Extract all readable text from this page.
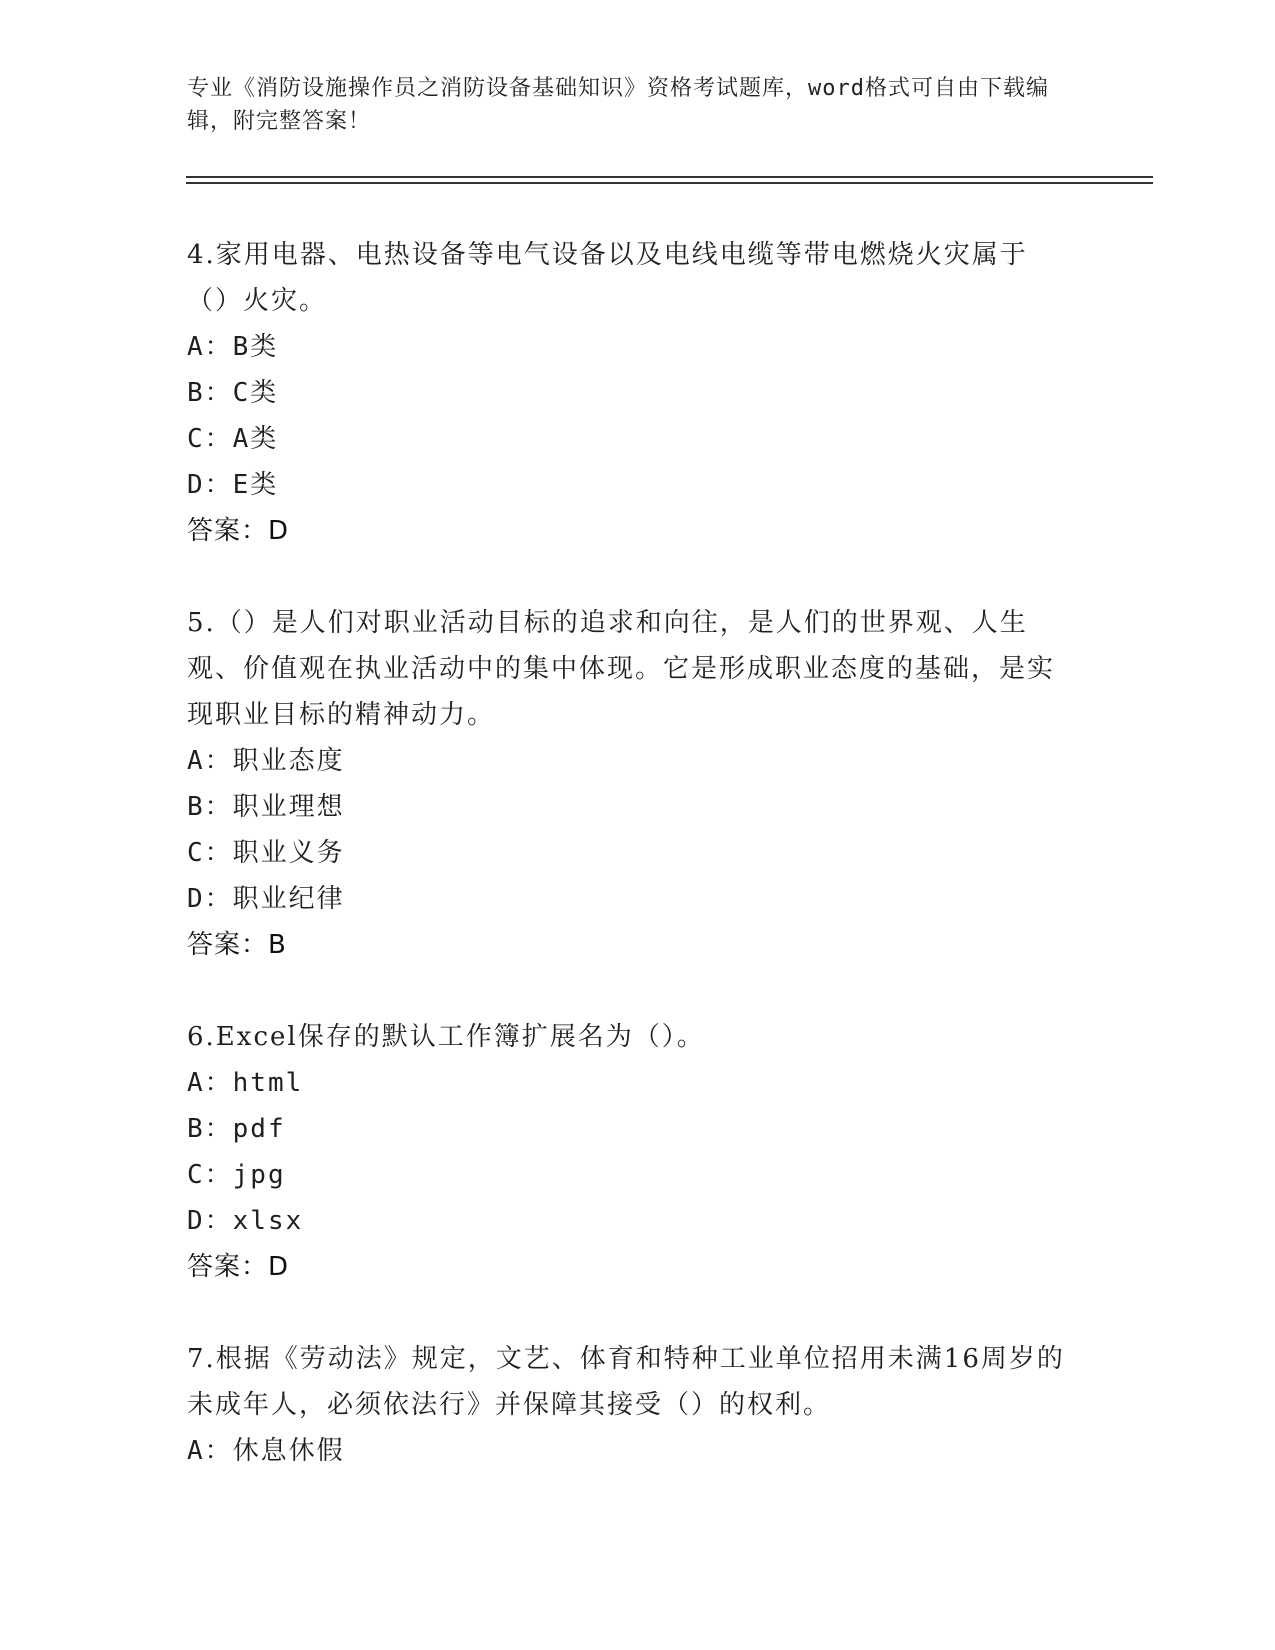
专业《消防设施操作员之消防设备基础知识》资格考试题库，word格式可自由下载编辑，附完整答案！
4.家用电器、电热设备等电气设备以及电线电缆等带电燃烧火灾属于（）火灾。
A：B类
B：C类
C：A类
D：E类
答案：D
5.（）是人们对职业活动目标的追求和向往，是人们的世界观、人生观、价值观在执业活动中的集中体现。它是形成职业态度的基础，是实现职业目标的精神动力。
A：职业态度
B：职业理想
C：职业义务
D：职业纪律
答案：B
6.Excel保存的默认工作簿扩展名为（）。
A：html
B：pdf
C：jpg
D：xlsx
答案：D
7.根据《劳动法》规定，文艺、体育和特种工业单位招用未满16周岁的未成年人，必须依法行》并保障其接受（）的权利。
A：休息休假
